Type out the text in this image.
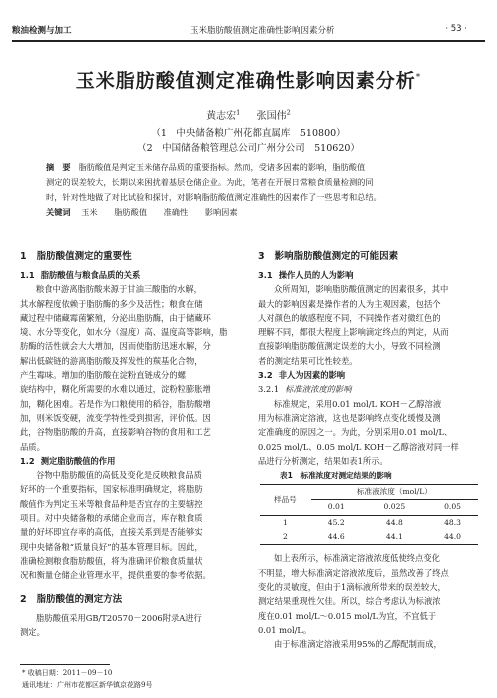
粮油检测与加工	玉米脂肪酸值测定准确性影响因素分析	· 53 ·
玉米脂肪酸值测定准确性影响因素分析*
黄志宏$^1$ 　 张国伟$^2$
（1　中央储备粮广州花都直属库　510800）
（2　中国储备粮管理总公司广州分公司　510620）
摘　要 脂肪酸值是判定玉米储存品质的重要指标。然而，受诸多因素的影响，脂肪酸值
测定的误差较大，长期以来困扰着基层仓储企业。为此，笔者在开展日常粮食质量检测的同
时，针对性地做了对比试验和探讨，对影响脂肪酸值测定准确性的因素作了一些思考和总结。
关键词 玉米 脂肪酸值 准确性 影响因素
1 脂肪酸值测定的重要性
1.1 脂肪酸值与粮食品质的关系
粮食中游离脂肪酸来源于甘油三酸脂的水解，
其水解程度依赖于脂肪酶的多少及活性；粮食在储
藏过程中储藏霉菌繁殖，分泌出脂肪酶，由于储藏环
境、水分等变化，如水分（湿度）高、温度高等影响，脂
肪酶的活性就会大大增加，因而使脂肪迅速水解，分
解出低碳链的游离脂肪酸及挥发性的羰基化合物，
产生霉味。增加的脂肪酸在淀粉直链成分的螺
旋结构中，糊化所需要的水难以通过，淀粉粒膨胀增
加，糊化困难。若是作为口粮使用的稻谷，脂肪酸增
加，则米饭变硬，流变学特性受到损害，评价低。因
此，谷物脂肪酸的升高，直接影响谷物的食用和工艺
品质。
1.2 测定脂肪酸值的作用
谷物中脂肪酸值的高低及变化是反映粮食品质
好坏的一个重要指标，国家标准明确规定，将脂肪
酸值作为判定玉米等粮食品种是否宜存的主要辖控
项目。对中央储备粮的承储企业而言，库存粮食质
量的好坏即宜存率的高低，直接关系到是否能够实
现中央储备粮“质量良好”的基本管理目标。因此，
准确检测粮食脂肪酸值，将为准确评价粮食质量状
况和衡量仓储企业管理水平，提供重要的参考依据。
2 脂肪酸值的测定方法
脂肪酸值采用GB/T20570－2006附录A进行
测定。
3 影响脂肪酸值测定的可能因素
3.1 操作人员的人为影响
众所周知，影响脂肪酸值测定的因素很多，其中
最大的影响因素是操作者的人为主观因素，包括个
人对颜色的敏感程度不同，不同操作者对微红色的
理解不同，都很大程度上影响滴定终点的判定，从而
直接影响脂肪酸值测定误差的大小，导致不同检测
者的测定结果可比性较差。
3.2 非人为因素的影响
3.2.1 标准液浓度的影响
标准规定，采用0.01 mol/L KOH－乙醇溶液
用为标准滴定溶液，这也是影响终点变化缓慢及测
定准确度的原因之一。为此，分别采用0.01 mol/L、
0.025 mol/L、0.05 mol/L KOH－乙醇溶液对同一样
品进行分析测定，结果如表1所示。
表1　标准浓度对测定结果的影响
样品号	标准液浓度（mol/L）		
	0.01	0.025	0.05
1	45.2	44.8	48.3
2	44.6	44.1	44.0
如上表所示，标准滴定溶液浓度低使终点变化
不明显，增大标准滴定溶液浓度后，虽然改善了终点
变化的灵敏度，但由于1滴标液所带来的误差较大，
测定结果重现性欠佳。所以，综合考虑认为标液浓
度在0.01 mol/L～0.015 mol/L为宜，不宜低于
0.01 mol/L。
由于标准滴定溶液采用95%的乙醇配制而成，
* 收稿日期：2011－09－10
通讯地址：广州市花都区新华镇京花路9号
